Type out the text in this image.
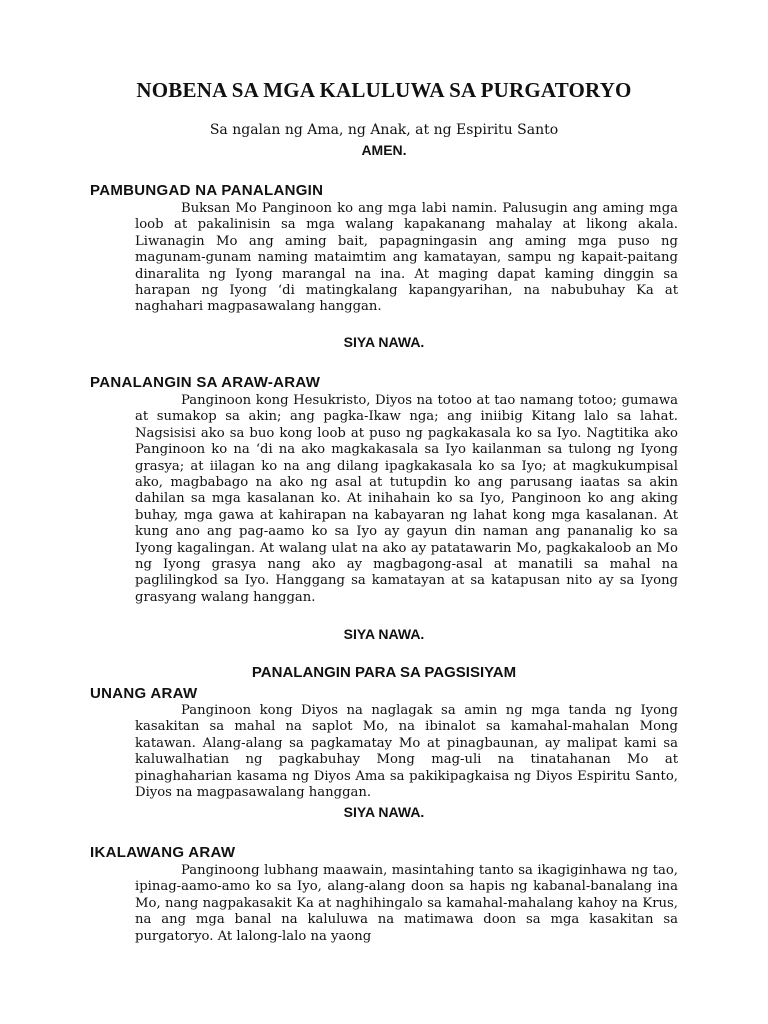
NOBENA SA MGA KALULUWA SA PURGATORYO
Sa ngalan ng Ama, ng Anak, at ng Espiritu Santo
AMEN.
PAMBUNGAD NA PANALANGIN
Buksan Mo Panginoon ko ang mga labi namin. Palusugin ang aming mga loob at pakalinisin sa mga walang kapakanang mahalay at likong akala. Liwanagin Mo ang aming bait, papagningasin ang aming mga puso ng magunam-gunam naming mataimtim ang kamatayan, sampu ng kapait-paitang dinaralita ng Iyong marangal na ina. At maging dapat kaming dinggin sa harapan ng Iyong ‘di matingkalang kapangyarihan, na nabubuhay Ka at naghahari magpasawalang hanggan.
SIYA NAWA.
PANALANGIN SA ARAW-ARAW
Panginoon kong Hesukristo, Diyos na totoo at tao namang totoo; gumawa at sumakop sa akin; ang pagka-Ikaw nga; ang iniibig Kitang lalo sa lahat. Nagsisisi ako sa buo kong loob at puso ng pagkakasala ko sa Iyo. Nagtitika ako Panginoon ko na ‘di na ako magkakasala sa Iyo kailanman sa tulong ng Iyong grasya; at iilagan ko na ang dilang ipagkakasala ko sa Iyo; at magkukumpisal ako, magbabago na ako ng asal at tutupdin ko ang parusang iaatas sa akin dahilan sa mga kasalanan ko. At inihahain ko sa Iyo, Panginoon ko ang aking buhay, mga gawa at kahirapan na kabayaran ng lahat kong mga kasalanan. At kung ano ang pag-aamo ko sa Iyo ay gayun din naman ang pananalig ko sa Iyong kagalingan. At walang ulat na ako ay patatawarin Mo, pagkakaloob an Mo ng Iyong grasya nang ako ay magbagong-asal at manatili sa mahal na paglilingkod sa Iyo. Hanggang sa kamatayan at sa katapusan nito ay sa Iyong grasyang walang hanggan.
SIYA NAWA.
PANALANGIN PARA SA PAGSISIYAM
UNANG ARAW
Panginoon kong Diyos na naglagak sa amin ng mga tanda ng Iyong kasakitan sa mahal na saplot Mo, na ibinalot sa kamahal-mahalan Mong katawan. Alang-alang sa pagkamatay Mo at pinagbaunan, ay malipat kami sa kaluwalhatian ng pagkabuhay Mong mag-uli na tinatahanan Mo at pinaghaharian kasama ng Diyos Ama sa pakikipagkaisa ng Diyos Espiritu Santo, Diyos na magpasawalang hanggan.
SIYA NAWA.
IKALAWANG ARAW
Panginoong lubhang maawain, masintahing tanto sa ikagiginhawa ng tao, ipinag-aamo-amo ko sa Iyo, alang-alang doon sa hapis ng kabanal-banalang ina Mo, nang nagpakasakit Ka at naghihingalo sa kamahal-mahalang kahoy na Krus, na ang mga banal na kaluluwa na matimawa doon sa mga kasakitan sa purgatoryo. At lalong-lalo na yaong
